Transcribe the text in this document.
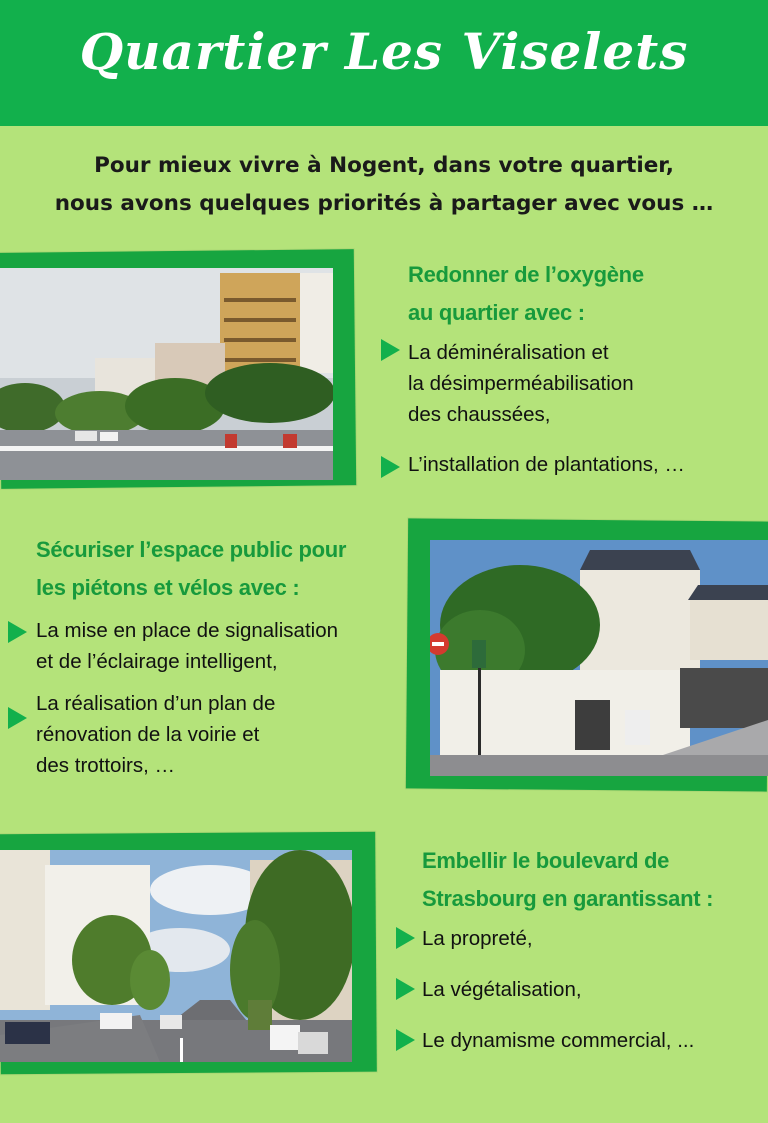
Quartier Les Viselets
Pour mieux vivre à Nogent, dans votre quartier,
nous avons quelques priorités à partager avec vous …
Redonner de l’oxygène
au quartier avec :
La déminéralisation et
la désimperméabilisation
des chaussées,
L’installation de plantations, …
Sécuriser l’espace public pour
les piétons et vélos avec :
La mise en place de signalisation
et de l’éclairage intelligent,
La réalisation d’un plan de
rénovation de la voirie et
des trottoirs, …
Embellir le boulevard de
Strasbourg en garantissant :
La propreté,
La végétalisation,
Le dynamisme commercial, ...
